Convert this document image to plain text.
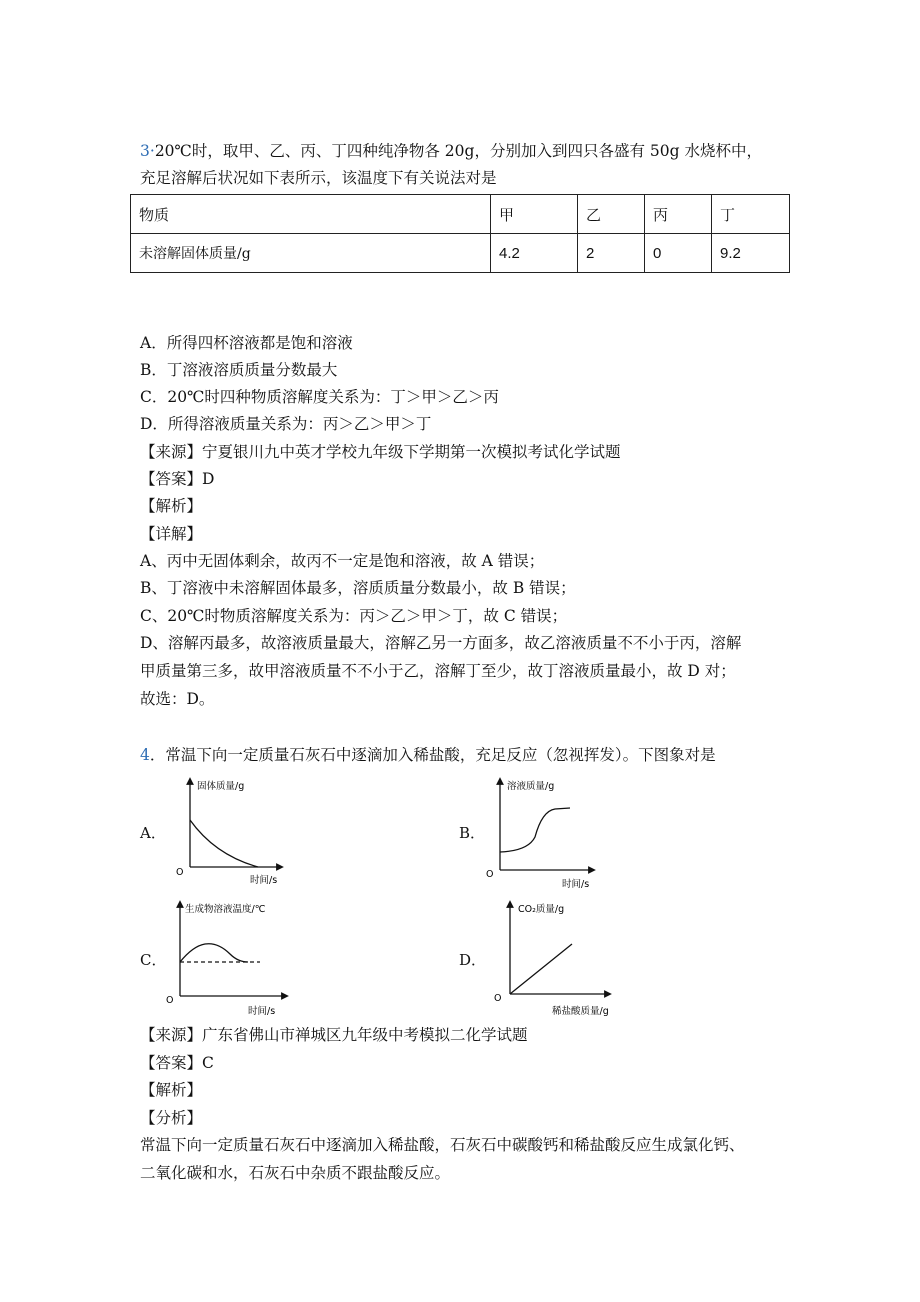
3·20℃时，取甲、乙、丙、丁四种纯净物各 20g，分别加入到四只各盛有 50g 水烧杯中，
充足溶解后状况如下表所示，该温度下有关说法对是
物质	甲	乙	丙	丁
未溶解固体质量/g	4.2	2	0	9.2
A．所得四杯溶液都是饱和溶液
B．丁溶液溶质质量分数最大
C．20℃时四种物质溶解度关系为：丁＞甲＞乙＞丙
D．所得溶液质量关系为：丙＞乙＞甲＞丁
【来源】宁夏银川九中英才学校九年级下学期第一次模拟考试化学试题
【答案】D
【解析】
【详解】
A、丙中无固体剩余，故丙不一定是饱和溶液，故 A 错误；
B、丁溶液中未溶解固体最多，溶质质量分数最小，故 B 错误；
C、20℃时物质溶解度关系为：丙＞乙＞甲＞丁，故 C 错误；
D、溶解丙最多，故溶液质量最大，溶解乙另一方面多，故乙溶液质量不不小于丙，溶解
甲质量第三多，故甲溶液质量不不小于乙，溶解丁至少，故丁溶液质量最小，故 D 对；
故选：D。
4．常温下向一定质量石灰石中逐滴加入稀盐酸，充足反应（忽视挥发）。下图象对是
A．
固体质量/g
时间/s
O
B．
溶液质量/g
时间/s
O
C．
生成物溶液温度/℃
时间/s
O
D．
CO₂质量/g
稀盐酸质量/g
O
【来源】广东省佛山市禅城区九年级中考模拟二化学试题
【答案】C
【解析】
【分析】
常温下向一定质量石灰石中逐滴加入稀盐酸，石灰石中碳酸钙和稀盐酸反应生成氯化钙、
二氧化碳和水，石灰石中杂质不跟盐酸反应。
